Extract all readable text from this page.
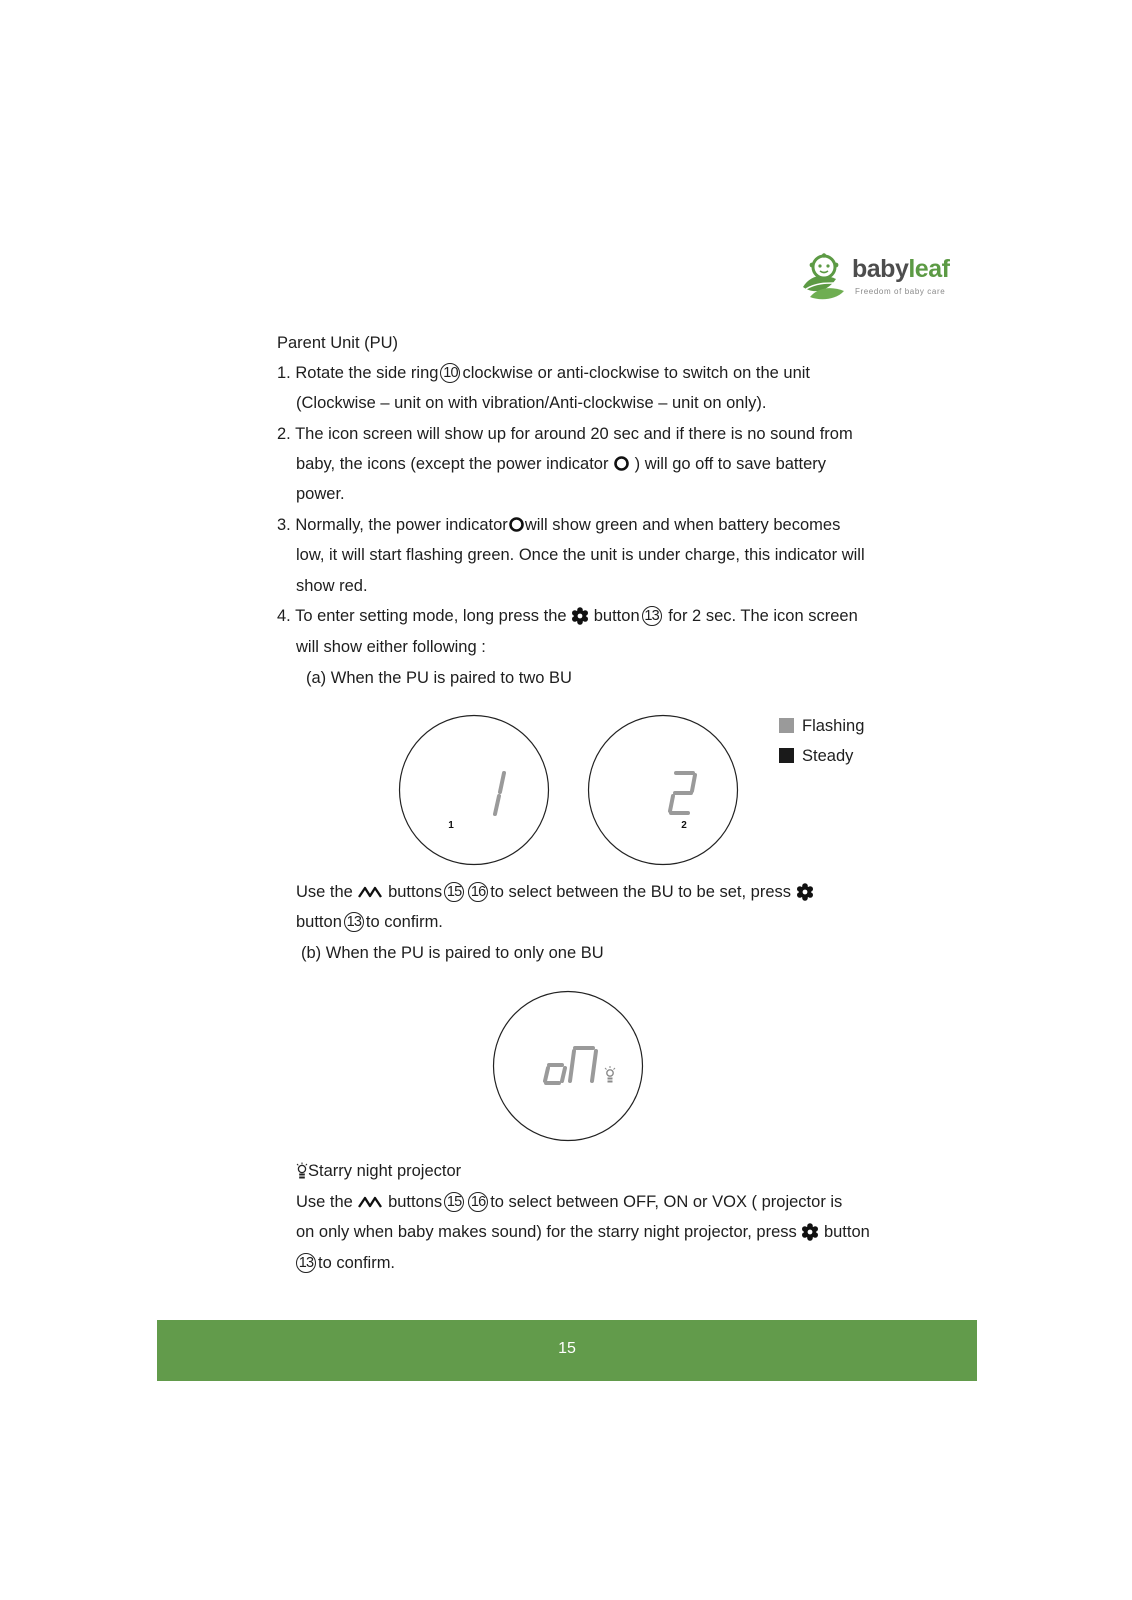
babyleaf
Freedom of baby care
Parent Unit (PU)
1. Rotate the side ring 10 clockwise or anti-clockwise to switch on the unit
(Clockwise – unit on with vibration/Anti-clockwise – unit on only).
2. The icon screen will show up for around 20 sec and if there is no sound from
baby, the icons (except the power indicator ) will go off to save battery
power.
3. Normally, the power indicator will show green and when battery becomes
low, it will start flashing green. Once the unit is under charge, this indicator will
show red.
4. To enter setting mode, long press the button 13 for 2 sec. The icon screen
will show either following :
(a) When the PU is paired to two BU
1	2
Flashing
Steady
Use the buttons 15 16 to select between the BU to be set, press
button 13 to confirm.
(b) When the PU is paired to only one BU
Starry night projector
Use the buttons 15 16 to select between OFF, ON or VOX ( projector is
on only when baby makes sound) for the starry night projector, press button
13 to confirm.
15
